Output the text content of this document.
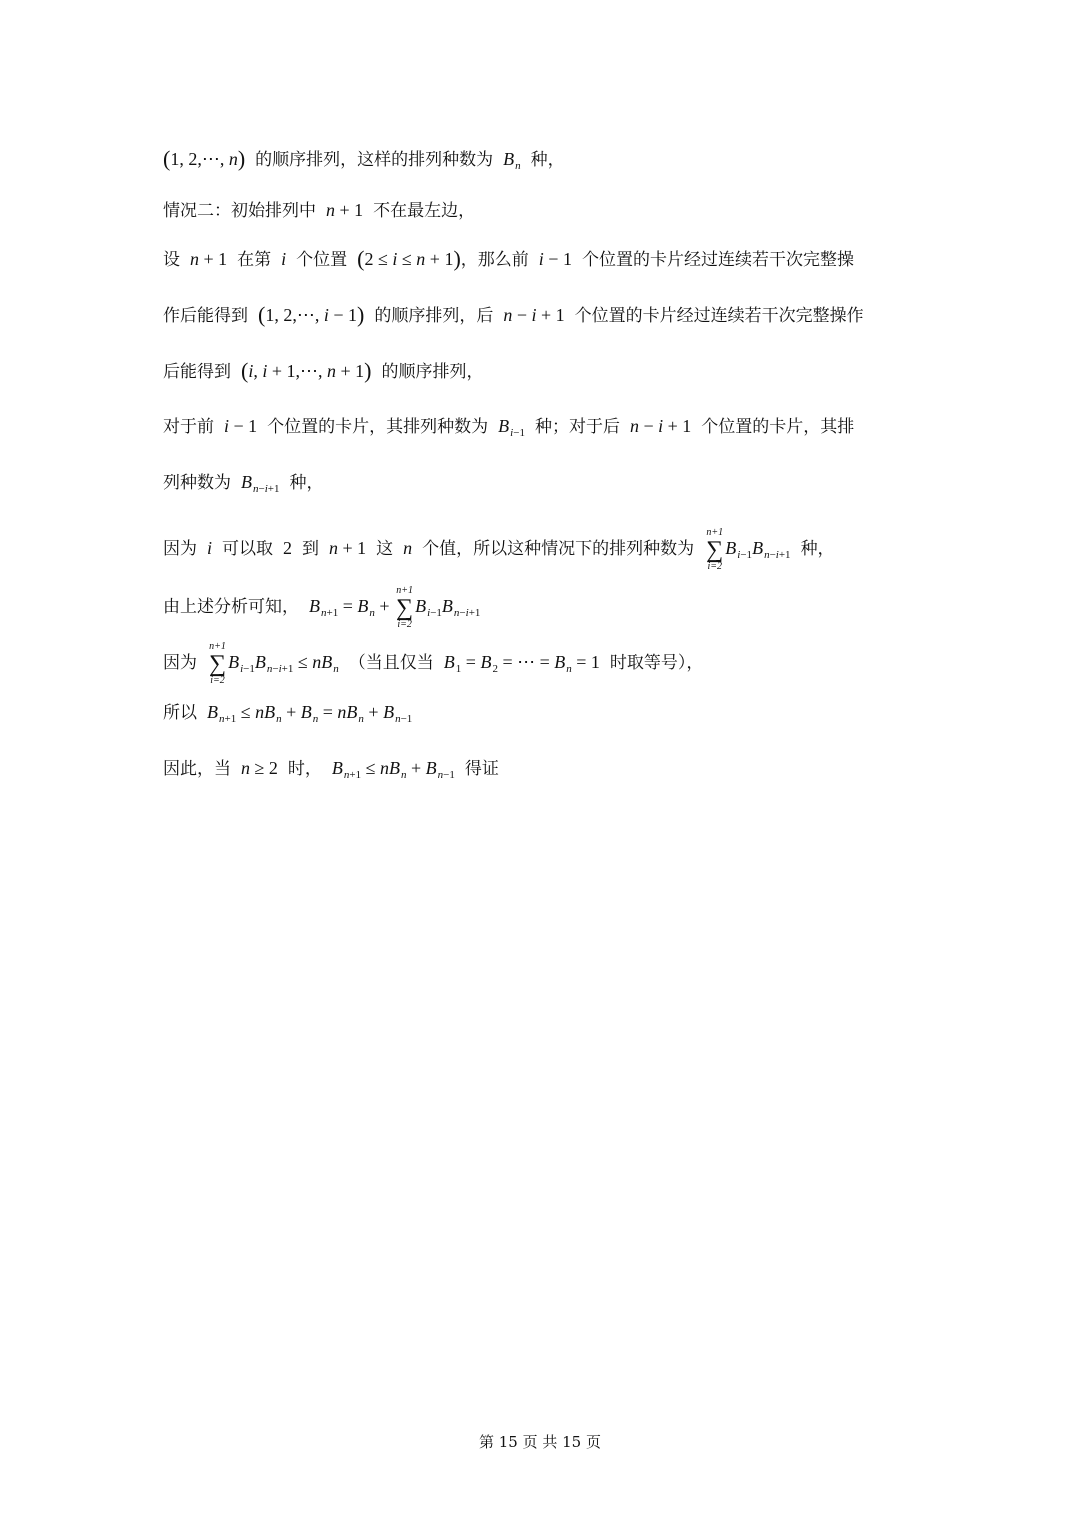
(1, 2,⋯, n) 的顺序排列，这样的排列种数为 $B_n$ 种，
情况二：初始排列中 n + 1 不在最左边，
设 n + 1 在第 i 个位置 (2 ≤ i ≤ n + 1)，那么前 i − 1 个位置的卡片经过连续若干次完整操
作后能得到 (1, 2,⋯, i − 1) 的顺序排列，后 n − i + 1 个位置的卡片经过连续若干次完整操作
后能得到 (i, i + 1,⋯, n + 1) 的顺序排列，
对于前 i − 1 个位置的卡片，其排列种数为 $B_{i-1}$ 种；对于后 n − i + 1 个位置的卡片，其排
列种数为 $B_{n-i+1}$ 种，
因为 i 可以取 2 到 n + 1 这 n 个值，所以这种情况下的排列种数为
n+1
∑
i=2
$B_{i-1}B_{n-i+1}$ 种，
由上述分析可知， $B_{n+1} = B_n$ +
n+1
∑
i=2
$B_{i-1}B_{n-i+1}$
因为
n+1
∑
i=2
$B_{i-1}B_{n-i+1} \le nB_n$ （当且仅当 $B_1 = B_2$ = ⋯ = $B_n = 1$ 时取等号），
所以 $B_{n+1} \le nB_n + B_n = nB_n + B_{n-1}$
因此，当 n ≥ 2 时， $B_{n+1} \le nB_n + B_{n-1}$ 得证
第 15 页 共 15 页
